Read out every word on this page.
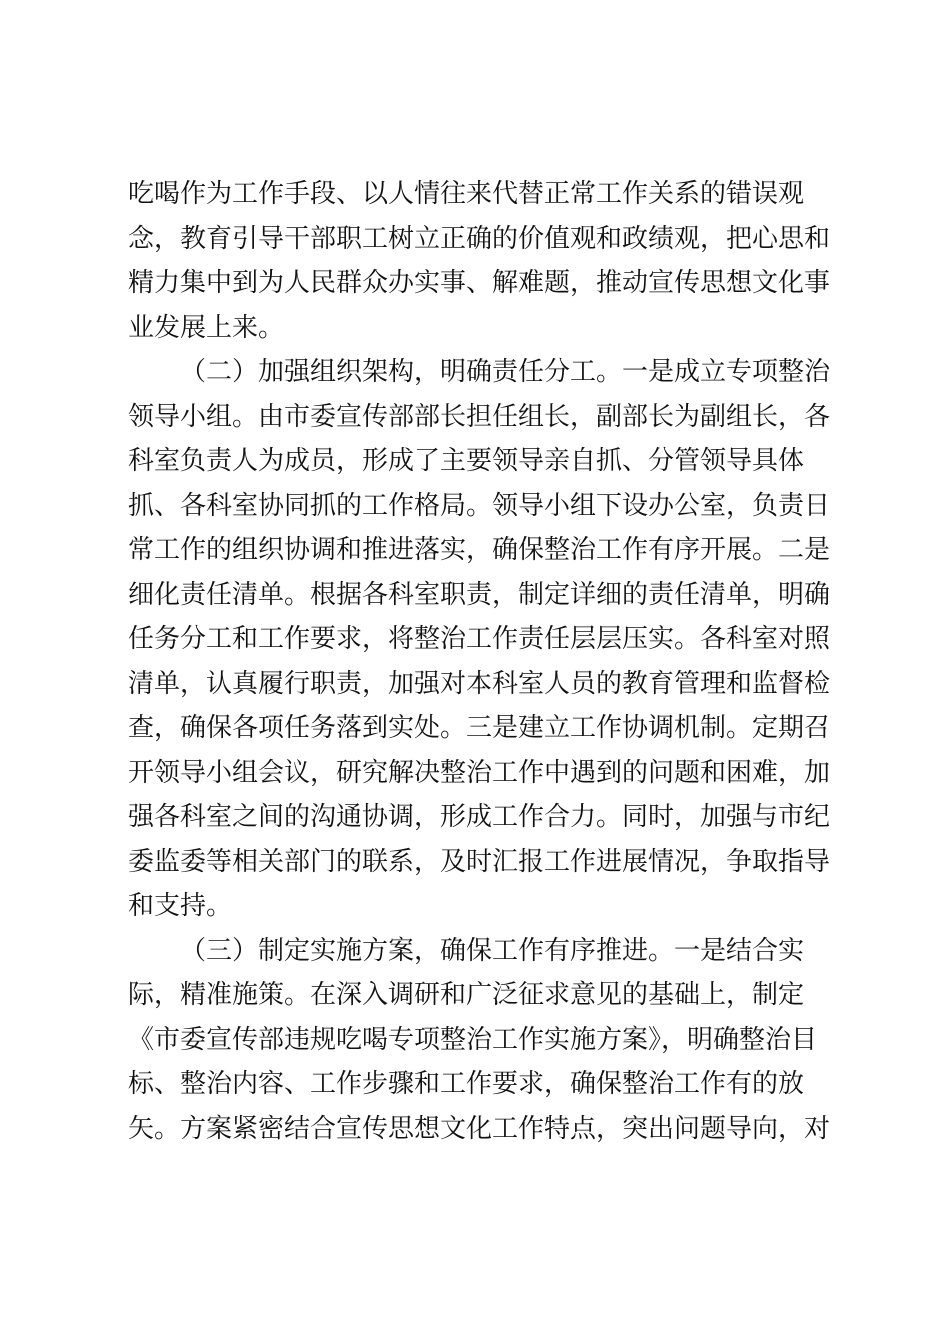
吃喝作为工作手段、以人情往来代替正常工作关系的错误观
念，教育引导干部职工树立正确的价值观和政绩观，把心思和
精力集中到为人民群众办实事、解难题，推动宣传思想文化事
业发展上来。
（二）加强组织架构，明确责任分工。一是成立专项整治
领导小组。由市委宣传部部长担任组长，副部长为副组长，各
科室负责人为成员，形成了主要领导亲自抓、分管领导具体
抓、各科室协同抓的工作格局。领导小组下设办公室，负责日
常工作的组织协调和推进落实，确保整治工作有序开展。二是
细化责任清单。根据各科室职责，制定详细的责任清单，明确
任务分工和工作要求，将整治工作责任层层压实。各科室对照
清单，认真履行职责，加强对本科室人员的教育管理和监督检
查，确保各项任务落到实处。三是建立工作协调机制。定期召
开领导小组会议，研究解决整治工作中遇到的问题和困难，加
强各科室之间的沟通协调，形成工作合力。同时，加强与市纪
委监委等相关部门的联系，及时汇报工作进展情况，争取指导
和支持。
（三）制定实施方案，确保工作有序推进。一是结合实
际，精准施策。在深入调研和广泛征求意见的基础上，制定
《市委宣传部违规吃喝专项整治工作实施方案》，明确整治目
标、整治内容、工作步骤和工作要求，确保整治工作有的放
矢。方案紧密结合宣传思想文化工作特点，突出问题导向，对
